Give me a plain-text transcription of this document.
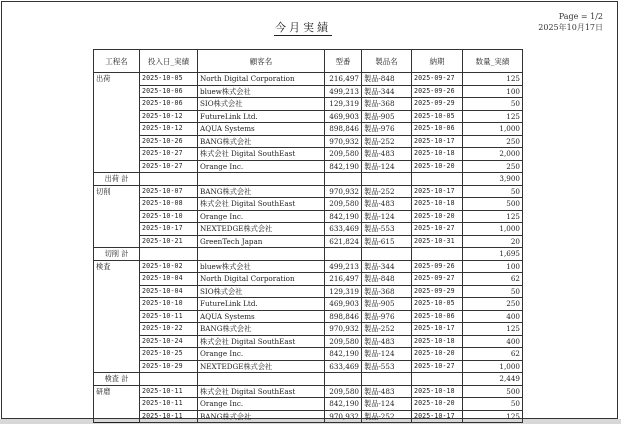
今月実績
Page = 1/2
2025年10月17日
工程名	投入日_実績	顧客名	型番	製品名	納期	数量_実績
出荷	2025-10-05	North Digital Corporation	216,497	製品-848	2025-09-27	125
	2025-10-06	bluew株式会社	499,213	製品-344	2025-09-26	100
	2025-10-06	SIO株式会社	129,319	製品-368	2025-09-29	50
	2025-10-12	FutureLink Ltd.	469,903	製品-905	2025-10-05	125
	2025-10-12	AQUA Systems	898,846	製品-976	2025-10-06	1,000
	2025-10-26	BANG株式会社	970,932	製品-252	2025-10-17	250
	2025-10-27	株式会社 Digital SouthEast	209,580	製品-483	2025-10-18	2,000
	2025-10-27	Orange Inc.	842,190	製品-124	2025-10-20	250
出荷 計						3,900
切削	2025-10-07	BANG株式会社	970,932	製品-252	2025-10-17	50
	2025-10-08	株式会社 Digital SouthEast	209,580	製品-483	2025-10-18	500
	2025-10-10	Orange Inc.	842,190	製品-124	2025-10-20	125
	2025-10-17	NEXTEDGE株式会社	633,469	製品-553	2025-10-27	1,000
	2025-10-21	GreenTech Japan	621,824	製品-615	2025-10-31	20
切削 計						1,695
検査	2025-10-02	bluew株式会社	499,213	製品-344	2025-09-26	100
	2025-10-04	North Digital Corporation	216,497	製品-848	2025-09-27	62
	2025-10-04	SIO株式会社	129,319	製品-368	2025-09-29	50
	2025-10-10	FutureLink Ltd.	469,903	製品-905	2025-10-05	250
	2025-10-11	AQUA Systems	898,846	製品-976	2025-10-06	400
	2025-10-22	BANG株式会社	970,932	製品-252	2025-10-17	125
	2025-10-24	株式会社 Digital SouthEast	209,580	製品-483	2025-10-18	400
	2025-10-25	Orange Inc.	842,190	製品-124	2025-10-20	62
	2025-10-29	NEXTEDGE株式会社	633,469	製品-553	2025-10-27	1,000
検査 計						2,449
研磨	2025-10-11	株式会社 Digital SouthEast	209,580	製品-483	2025-10-18	500
	2025-10-11	Orange Inc.	842,190	製品-124	2025-10-20	50
	2025-10-11	BANG株式会社	970,932	製品-252	2025-10-17	125
